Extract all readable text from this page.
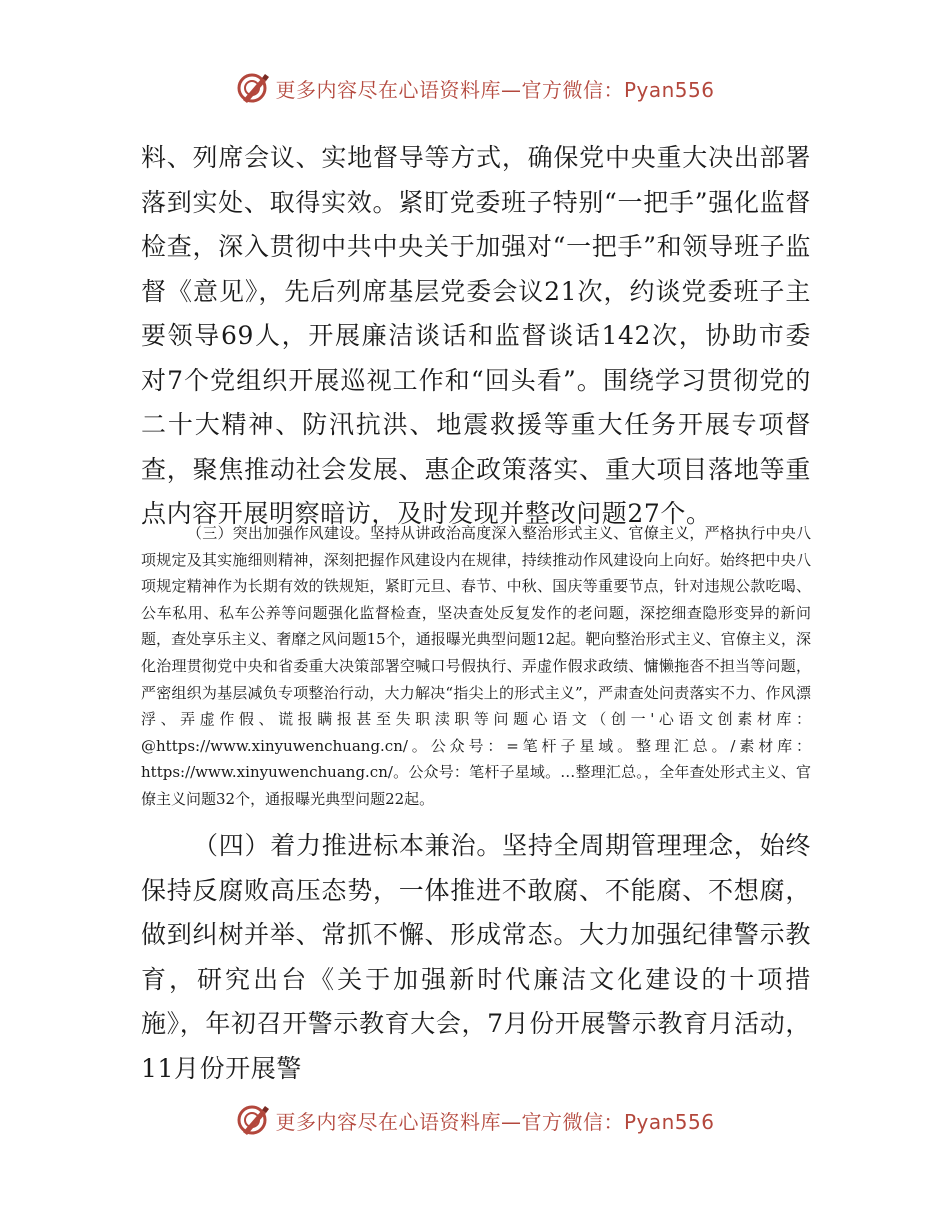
更多内容尽在心语资料库—官方微信：Pyan556

料、列席会议、实地督导等方式，确保党中央重大决出部署落到实处、取得实效。紧盯党委班子特别“一把手”强化监督检查，深入贯彻中共中央关于加强对“一把手”和领导班子监督《意见》，先后列席基层党委会议21次，约谈党委班子主要领导69人，开展廉洁谈话和监督谈话142次，协助市委对7个党组织开展巡视工作和“回头看”。围绕学习贯彻党的二十大精神、防汛抗洪、地震救援等重大任务开展专项督查，聚焦推动社会发展、惠企政策落实、重大项目落地等重点内容开展明察暗访，及时发现并整改问题27个。

（三）突出加强作风建设。坚持从讲政治高度深入整治形式主义、官僚主义，严格执行中央八项规定及其实施细则精神，深刻把握作风建设内在规律，持续推动作风建设向上向好。始终把中央八项规定精神作为长期有效的铁规矩，紧盯元旦、春节、中秋、国庆等重要节点，针对违规公款吃喝、公车私用、私车公养等问题强化监督检查，坚决查处反复发作的老问题，深挖细查隐形变异的新问题，查处享乐主义、奢靡之风问题15个，通报曝光典型问题12起。靶向整治形式主义、官僚主义，深化治理贯彻党中央和省委重大决策部署空喊口号假执行、弄虚作假求政绩、慵懒拖沓不担当等问题，严密组织为基层减负专项整治行动，大力解决“指尖上的形式主义”，严肃查处问责落实不力、作风漂浮、弄虚作假、谎报瞒报甚至失职渎职等问题心语文（创一'心语文创素材库：@https://www.xinyuwenchuang.cn/。公众号：=笔杆子星域。整理汇总。/素材库：https://www.xinyuwenchuang.cn/。公众号：笔杆子星域。…整理汇总。，全年查处形式主义、官僚主义问题32个，通报曝光典型问题22起。

（四）着力推进标本兼治。坚持全周期管理理念，始终保持反腐败高压态势，一体推进不敢腐、不能腐、不想腐，做到纠树并举、常抓不懈、形成常态。大力加强纪律警示教育，研究出台《关于加强新时代廉洁文化建设的十项措施》，年初召开警示教育大会，7月份开展警示教育月活动，11月份开展警

更多内容尽在心语资料库—官方微信：Pyan556
